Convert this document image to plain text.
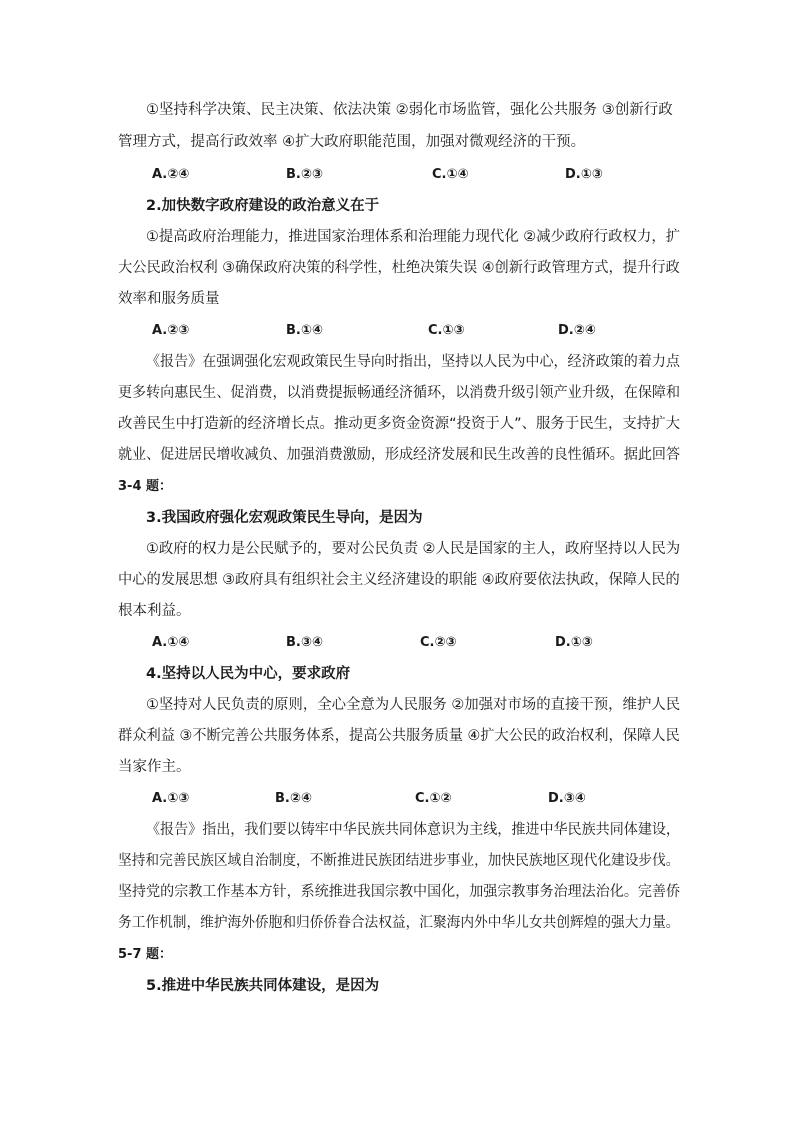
①坚持科学决策、民主决策、依法决策 ②弱化市场监管，强化公共服务 ③创新行政
管理方式，提高行政效率 ④扩大政府职能范围，加强对微观经济的干预。
A.②④	B.②③	C.①④	D.①③
2.加快数字政府建设的政治意义在于
①提高政府治理能力，推进国家治理体系和治理能力现代化 ②减少政府行政权力，扩
大公民政治权利 ③确保政府决策的科学性，杜绝决策失误 ④创新行政管理方式，提升行政
效率和服务质量
A.②③	B.①④	C.①③	D.②④
《报告》在强调强化宏观政策民生导向时指出，坚持以人民为中心，经济政策的着力点
更多转向惠民生、促消费，以消费提振畅通经济循环，以消费升级引领产业升级，在保障和
改善民生中打造新的经济增长点。推动更多资金资源“投资于人”、服务于民生，支持扩大
就业、促进居民增收减负、加强消费激励，形成经济发展和民生改善的良性循环。据此回答
3-4 题：
3.我国政府强化宏观政策民生导向，是因为
①政府的权力是公民赋予的，要对公民负责 ②人民是国家的主人，政府坚持以人民为
中心的发展思想 ③政府具有组织社会主义经济建设的职能 ④政府要依法执政，保障人民的
根本利益。
A.①④	B.③④	C.②③	D.①③
4.坚持以人民为中心，要求政府
①坚持对人民负责的原则，全心全意为人民服务 ②加强对市场的直接干预，维护人民
群众利益 ③不断完善公共服务体系，提高公共服务质量 ④扩大公民的政治权利，保障人民
当家作主。
A.①③	B.②④	C.①②	D.③④
《报告》指出，我们要以铸牢中华民族共同体意识为主线，推进中华民族共同体建设，
坚持和完善民族区域自治制度，不断推进民族团结进步事业，加快民族地区现代化建设步伐。
坚持党的宗教工作基本方针，系统推进我国宗教中国化，加强宗教事务治理法治化。完善侨
务工作机制，维护海外侨胞和归侨侨眷合法权益，汇聚海内外中华儿女共创辉煌的强大力量。
5-7 题：
5.推进中华民族共同体建设，是因为
